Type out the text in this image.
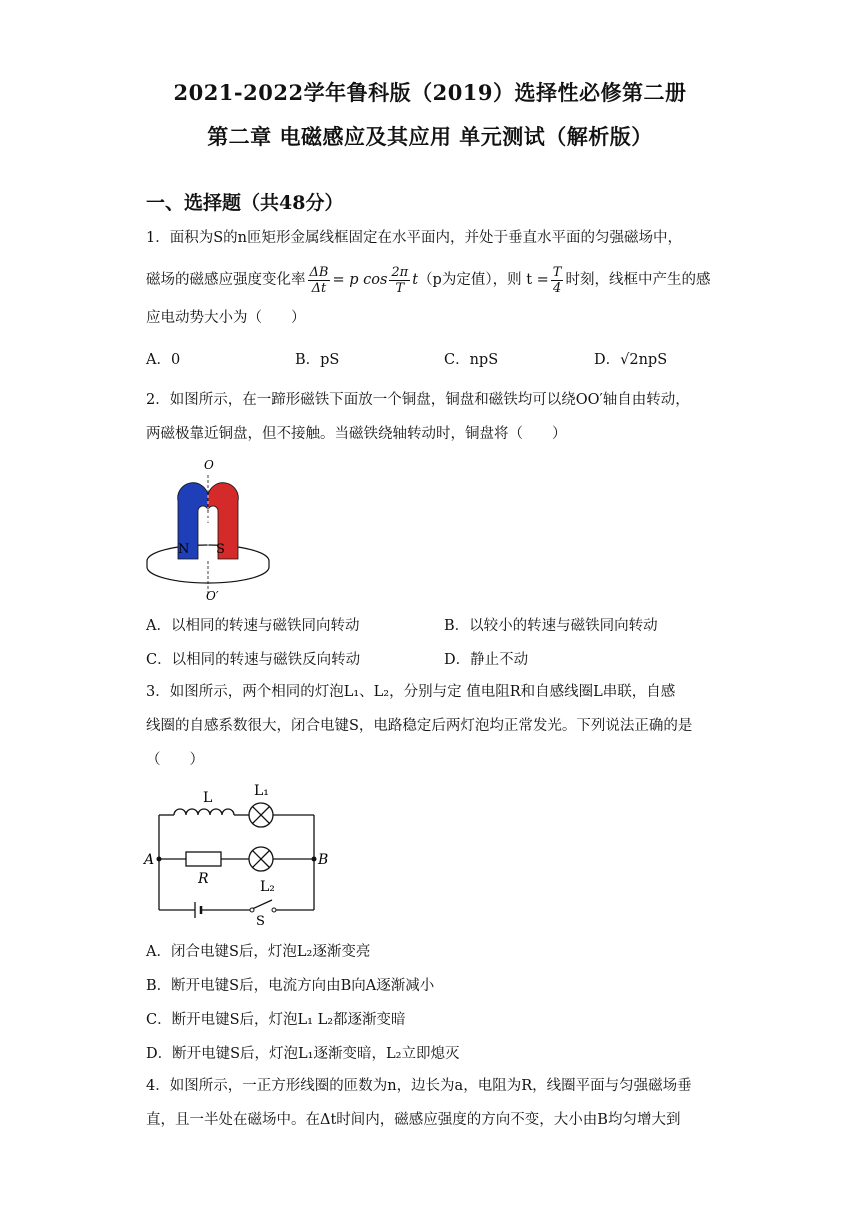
2021-2022学年鲁科版（2019）选择性必修第二册
第二章 电磁感应及其应用 单元测试（解析版）
一、选择题（共48分）
1．面积为S的n匝矩形金属线框固定在水平面内，并处于垂直水平面的匀强磁场中，
磁场的磁感应强度变化率 $\frac{\Delta B}{\Delta t} = p$ $\cos \frac{2\pi}{T}$ t （p为定值），则 $t = \frac{T}{4}$ 时刻，线框中产生的感
应电动势大小为（　　）
A．0	B．pS	C．npS	D．√2npS
2．如图所示，在一蹄形磁铁下面放一个铜盘，铜盘和磁铁均可以绕OO′轴自由转动，
两磁极靠近铜盘，但不接触。当磁铁绕轴转动时，铜盘将（　　）
O
O′
N S
A．以相同的转速与磁铁同向转动	B．以较小的转速与磁铁同向转动
C．以相同的转速与磁铁反向转动	D．静止不动
3．如图所示，两个相同的灯泡L₁、L₂，分别与定 值电阻R和自感线圈L串联，自感
线圈的自感系数很大，闭合电键S，电路稳定后两灯泡均正常发光。下列说法正确的是
（　　）
L	L₁
A	B
R	L₂
S
A．闭合电键S后，灯泡L₂逐渐变亮
B．断开电键S后，电流方向由B向A逐渐减小
C．断开电键S后，灯泡L₁ L₂都逐渐变暗
D．断开电键S后，灯泡L₁逐渐变暗，L₂立即熄灭
4．如图所示，一正方形线圈的匝数为n，边长为a，电阻为R，线圈平面与匀强磁场垂
直，且一半处在磁场中。在Δt时间内，磁感应强度的方向不变，大小由B均匀增大到
